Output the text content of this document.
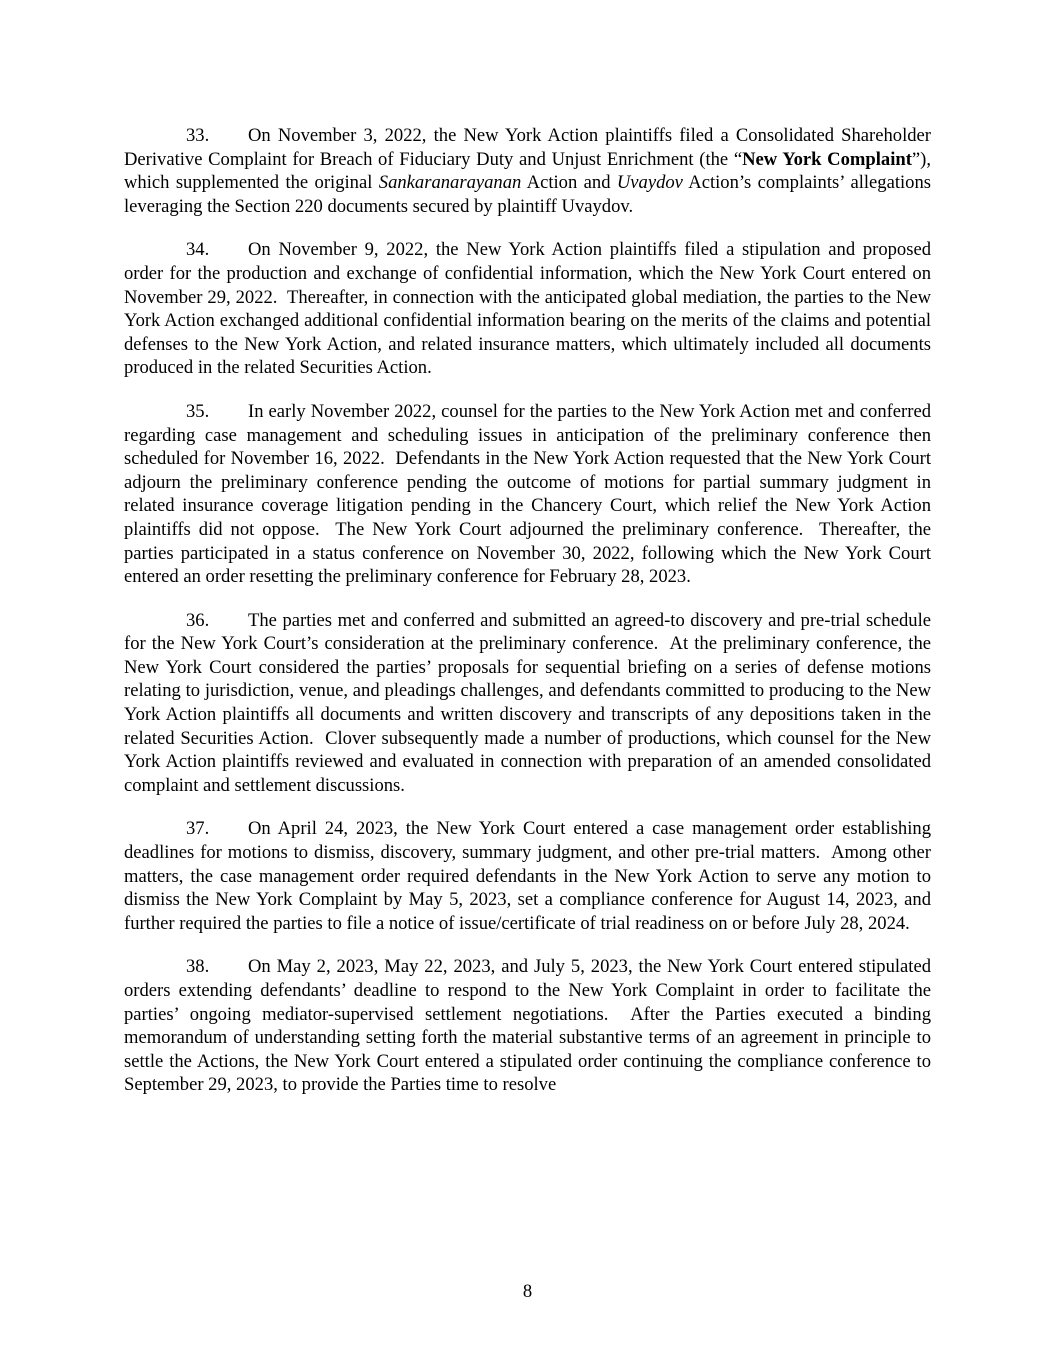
33. On November 3, 2022, the New York Action plaintiffs filed a Consolidated Shareholder Derivative Complaint for Breach of Fiduciary Duty and Unjust Enrichment (the “New York Complaint”), which supplemented the original Sankaranarayanan Action and Uvaydov Action’s complaints’ allegations leveraging the Section 220 documents secured by plaintiff Uvaydov.

34. On November 9, 2022, the New York Action plaintiffs filed a stipulation and proposed order for the production and exchange of confidential information, which the New York Court entered on November 29, 2022.  Thereafter, in connection with the anticipated global mediation, the parties to the New York Action exchanged additional confidential information bearing on the merits of the claims and potential defenses to the New York Action, and related insurance matters, which ultimately included all documents produced in the related Securities Action.

35. In early November 2022, counsel for the parties to the New York Action met and conferred regarding case management and scheduling issues in anticipation of the preliminary conference then scheduled for November 16, 2022.  Defendants in the New York Action requested that the New York Court adjourn the preliminary conference pending the outcome of motions for partial summary judgment in related insurance coverage litigation pending in the Chancery Court, which relief the New York Action plaintiffs did not oppose.  The New York Court adjourned the preliminary conference.  Thereafter, the parties participated in a status conference on November 30, 2022, following which the New York Court entered an order resetting the preliminary conference for February 28, 2023.

36. The parties met and conferred and submitted an agreed-to discovery and pre-trial schedule for the New York Court’s consideration at the preliminary conference.  At the preliminary conference, the New York Court considered the parties’ proposals for sequential briefing on a series of defense motions relating to jurisdiction, venue, and pleadings challenges, and defendants committed to producing to the New York Action plaintiffs all documents and written discovery and transcripts of any depositions taken in the related Securities Action.  Clover subsequently made a number of productions, which counsel for the New York Action plaintiffs reviewed and evaluated in connection with preparation of an amended consolidated complaint and settlement discussions.

37. On April 24, 2023, the New York Court entered a case management order establishing deadlines for motions to dismiss, discovery, summary judgment, and other pre-trial matters.  Among other matters, the case management order required defendants in the New York Action to serve any motion to dismiss the New York Complaint by May 5, 2023, set a compliance conference for August 14, 2023, and further required the parties to file a notice of issue/certificate of trial readiness on or before July 28, 2024.

38. On May 2, 2023, May 22, 2023, and July 5, 2023, the New York Court entered stipulated orders extending defendants’ deadline to respond to the New York Complaint in order to facilitate the parties’ ongoing mediator-supervised settlement negotiations.  After the Parties executed a binding memorandum of understanding setting forth the material substantive terms of an agreement in principle to settle the Actions, the New York Court entered a stipulated order continuing the compliance conference to September 29, 2023, to provide the Parties time to resolve

8
